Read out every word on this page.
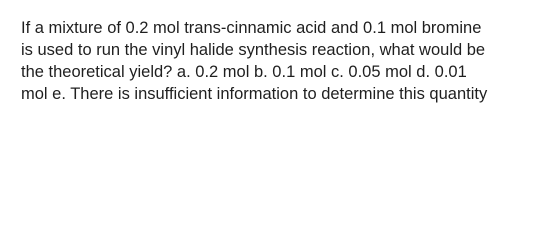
If a mixture of 0.2 mol trans-cinnamic acid and 0.1 mol bromine
is used to run the vinyl halide synthesis reaction, what would be
the theoretical yield? a. 0.2 mol b. 0.1 mol c. 0.05 mol d. 0.01
mol e. There is insufficient information to determine this quantity
